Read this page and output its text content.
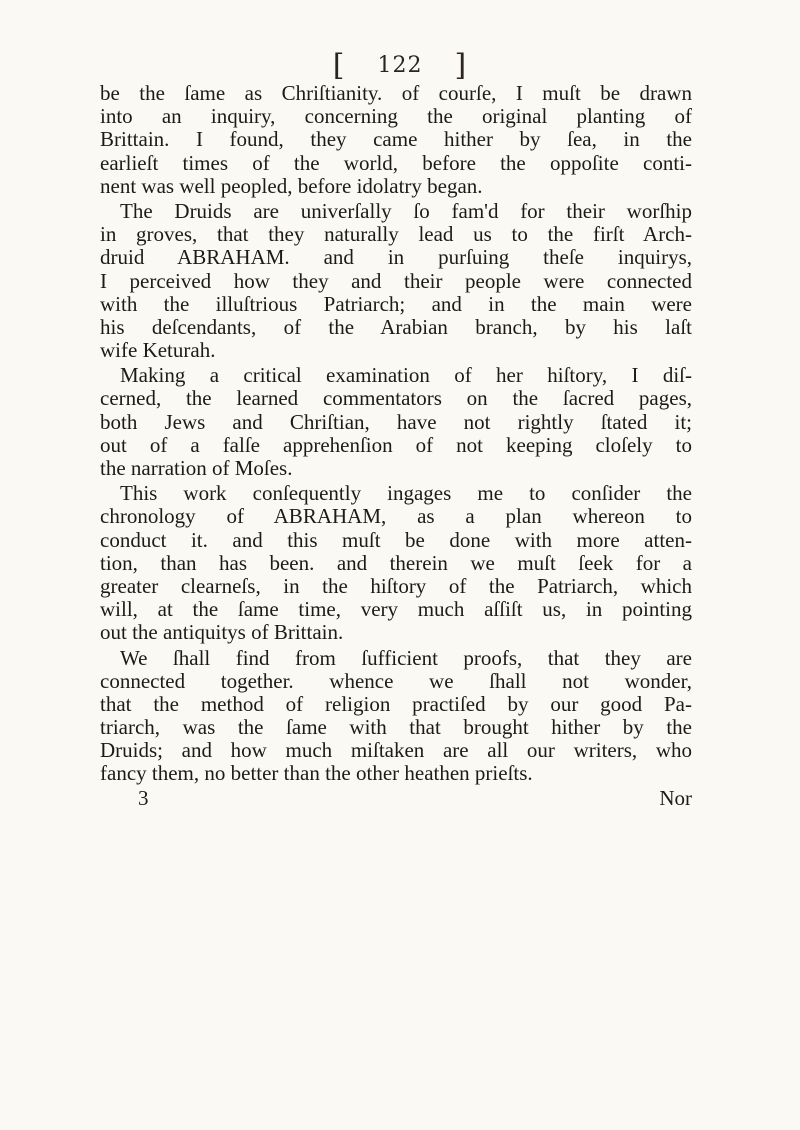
[ 122 ]
be the ſame as Chriſtianity. of courſe, I muſt be drawn
into an inquiry, concerning the original planting of
Brittain. I found, they came hither by ſea, in the
earlieſt times of the world, before the oppoſite conti-
nent was well peopled, before idolatry began.
The Druids are univerſally ſo fam'd for their worſhip
in groves, that they naturally lead us to the firſt Arch-
druid ABRAHAM. and in purſuing theſe inquirys,
I perceived how they and their people were connected
with the illuſtrious Patriarch; and in the main were
his deſcendants, of the Arabian branch, by his laſt
wife Keturah.
Making a critical examination of her hiſtory, I diſ-
cerned, the learned commentators on the ſacred pages,
both Jews and Chriſtian, have not rightly ſtated it;
out of a falſe apprehenſion of not keeping cloſely to
the narration of Moſes.
This work conſequently ingages me to conſider the
chronology of ABRAHAM, as a plan whereon to
conduct it. and this muſt be done with more atten-
tion, than has been. and therein we muſt ſeek for a
greater clearneſs, in the hiſtory of the Patriarch, which
will, at the ſame time, very much aſſiſt us, in pointing
out the antiquitys of Brittain.
We ſhall find from ſufficient proofs, that they are
connected together. whence we ſhall not wonder,
that the method of religion practiſed by our good Pa-
triarch, was the ſame with that brought hither by the
Druids; and how much miſtaken are all our writers, who
fancy them, no better than the other heathen prieſts.
3	Nor
